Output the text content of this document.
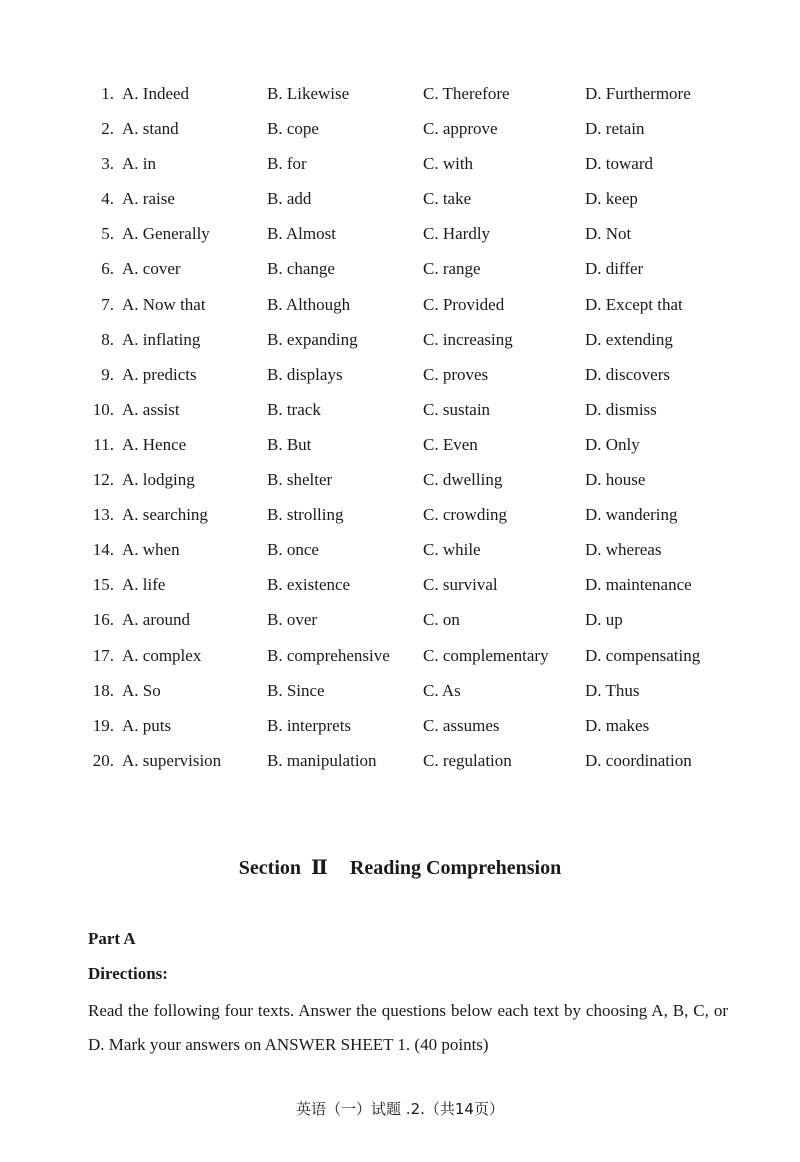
1. A. Indeed	B. Likewise	C. Therefore	D. Furthermore
2. A. stand	B. cope	C. approve	D. retain
3. A. in	B. for	C. with	D. toward
4. A. raise	B. add	C. take	D. keep
5. A. Generally	B. Almost	C. Hardly	D. Not
6. A. cover	B. change	C. range	D. differ
7. A. Now that	B. Although	C. Provided	D. Except that
8. A. inflating	B. expanding	C. increasing	D. extending
9. A. predicts	B. displays	C. proves	D. discovers
10. A. assist	B. track	C. sustain	D. dismiss
11. A. Hence	B. But	C. Even	D. Only
12. A. lodging	B. shelter	C. dwelling	D. house
13. A. searching	B. strolling	C. crowding	D. wandering
14. A. when	B. once	C. while	D. whereas
15. A. life	B. existence	C. survival	D. maintenance
16. A. around	B. over	C. on	D. up
17. A. complex	B. comprehensive C. complementary D. compensating
18. A. So	B. Since	C. As	D. Thus
19. A. puts	B. interprets	C. assumes	D. makes
20. A. supervision	B. manipulation	C. regulation	D. coordination
Section Ⅱ Reading Comprehension
Part A
Directions:
Read the following four texts. Answer the questions below each text by choosing A, B, C, or D. Mark your answers on ANSWER SHEET 1. (40 points)
英语（一）试题 .2.（共14页）
